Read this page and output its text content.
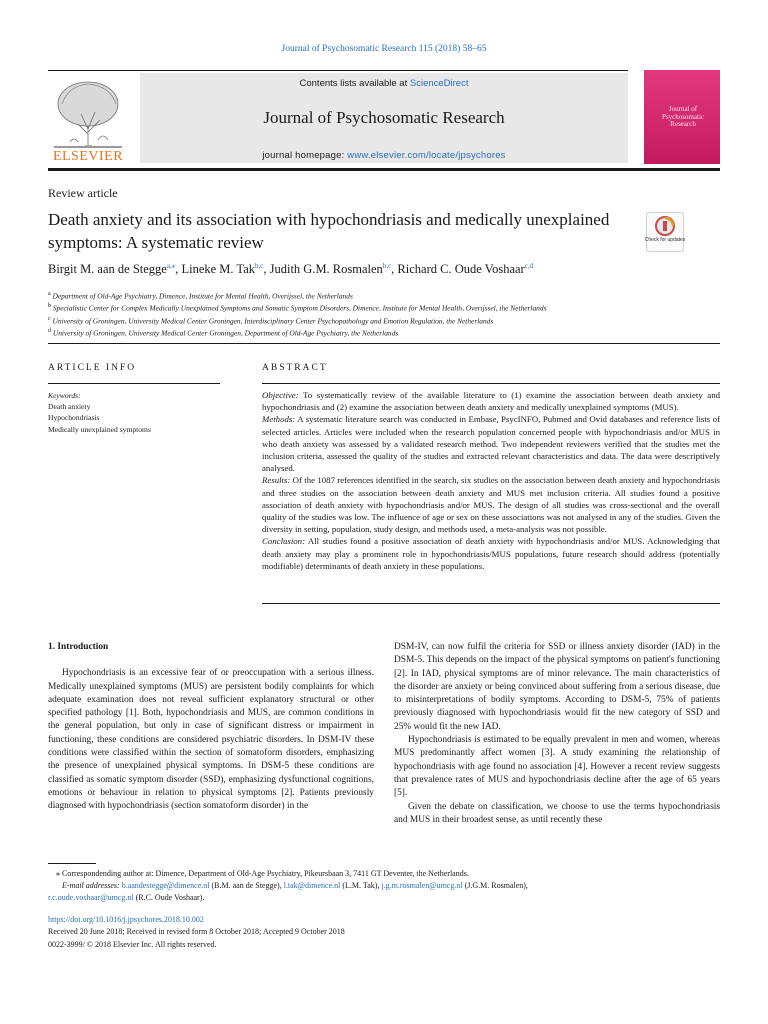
Journal of Psychosomatic Research 115 (2018) 58–65
Contents lists available at ScienceDirect
Journal of Psychosomatic Research
journal homepage: www.elsevier.com/locate/jpsychores
ELSEVIER
Journal of Psychosomatic Research
Review article
Death anxiety and its association with hypochondriasis and medically unexplained symptoms: A systematic review	Check for updates
Birgit M. aan de Stegge$^{a,⁎}$, Lineke M. Tak$^{b,c}$, Judith G.M. Rosmalen$^{b,c}$, Richard C. Oude Voshaar$^{c,d}$
$^a$ Department of Old-Age Psychiatry, Dimence, Institute for Mental Health, Overijssel, the Netherlands
$^b$ Specialistic Center for Complex Medically Unexplained Symptoms and Somatic Symptom Disorders, Dimence, Institute for Mental Health, Overijssel, the Netherlands
$^c$ University of Groningen, University Medical Center Groningen, Interdisciplinary Center Psychopathology and Emotion Regulation, the Netherlands
$^d$ University of Groningen, University Medical Center Groningen, Department of Old-Age Psychiatry, the Netherlands
ARTICLE INFO	ABSTRACT
Keywords:
Death anxiety
Hypochondriasis
Medically unexplained symptoms

Objective: To systematically review of the available literature to (1) examine the association between death anxiety and hypochondriasis and (2) examine the association between death anxiety and medically unexplained symptoms (MUS).

Methods: A systematic literature search was conducted in Embase, PsycINFO, Pubmed and Ovid databases and reference lists of selected articles. Articles were included when the research population concerned people with hypochondriasis and/or MUS in who death anxiety was assessed by a validated research method. Two independent reviewers verified that the studies met the inclusion criteria, assessed the quality of the studies and extracted relevant characteristics and data. The data were descriptively analysed.

Results: Of the 1087 references identified in the search, six studies on the association between death anxiety and hypochondriasis and three studies on the association between death anxiety and MUS met inclusion criteria. All studies found a positive association of death anxiety with hypochondriasis and/or MUS. The design of all studies was cross-sectional and the overall quality of the studies was low. The influence of age or sex on these associations was not analysed in any of the studies. Given the diversity in setting, population, study design, and methods used, a meta-analysis was not possible.

Conclusion: All studies found a positive association of death anxiety with hypochondriasis and/or MUS. Acknowledging that death anxiety may play a prominent role in hypochondriasis/MUS populations, future research should address (potentially modifiable) determinants of death anxiety in these populations.

1. Introduction

Hypochondriasis is an excessive fear of or preoccupation with a serious illness. Medically unexplained symptoms (MUS) are persistent bodily complaints for which adequate examination does not reveal sufficient explanatory structural or other specified pathology [1]. Both, hypochondriasis and MUS, are common conditions in the general population, but only in case of significant distress or impairment in functioning, these conditions are considered psychiatric disorders. In DSM-IV these conditions were classified within the section of somatoform disorders, emphasizing the presence of unexplained physical symptoms. In DSM-5 these conditions are classified as somatic symptom disorder (SSD), emphasizing dysfunctional cognitions, emotions or behaviour in relation to physical symptoms [2]. Patients previously diagnosed with hypochondriasis (section somatoform disorder) in the

DSM-IV, can now fulfil the criteria for SSD or illness anxiety disorder (IAD) in the DSM-5. This depends on the impact of the physical symptoms on patient's functioning [2]. In IAD, physical symptoms are of minor relevance. The main characteristics of the disorder are anxiety or being convinced about suffering from a serious disease, due to misinterpretations of bodily symptoms. According to DSM-5, 75% of patients previously diagnosed with hypochondriasis would fit the new category of SSD and 25% would fit the new IAD.

Hypochondriasis is estimated to be equally prevalent in men and women, whereas MUS predominantly affect women [3]. A study examining the relationship of hypochondriasis with age found no association [4]. However a recent review suggests that prevalence rates of MUS and hypochondriasis decline after the age of 65 years [5].

Given the debate on classification, we choose to use the terms hypochondriasis and MUS in their broadest sense, as until recently these

⁎ Correspondending author at: Dimence, Department of Old-Age Psychiatry, Pikeursbaan 3, 7411 GT Deventer, the Netherlands.
E-mail addresses: b.aandestegge@dimence.nl (B.M. aan de Stegge), l.tak@dimence.nl (L.M. Tak), j.g.m.rosmalen@umcg.nl (J.G.M. Rosmalen),
r.c.oude.voshaar@umcg.nl (R.C. Oude Voshaar).
https://doi.org/10.1016/j.jpsychores.2018.10.002
Received 20 June 2018; Received in revised form 8 October 2018; Accepted 9 October 2018
0022-3999/ © 2018 Elsevier Inc. All rights reserved.
